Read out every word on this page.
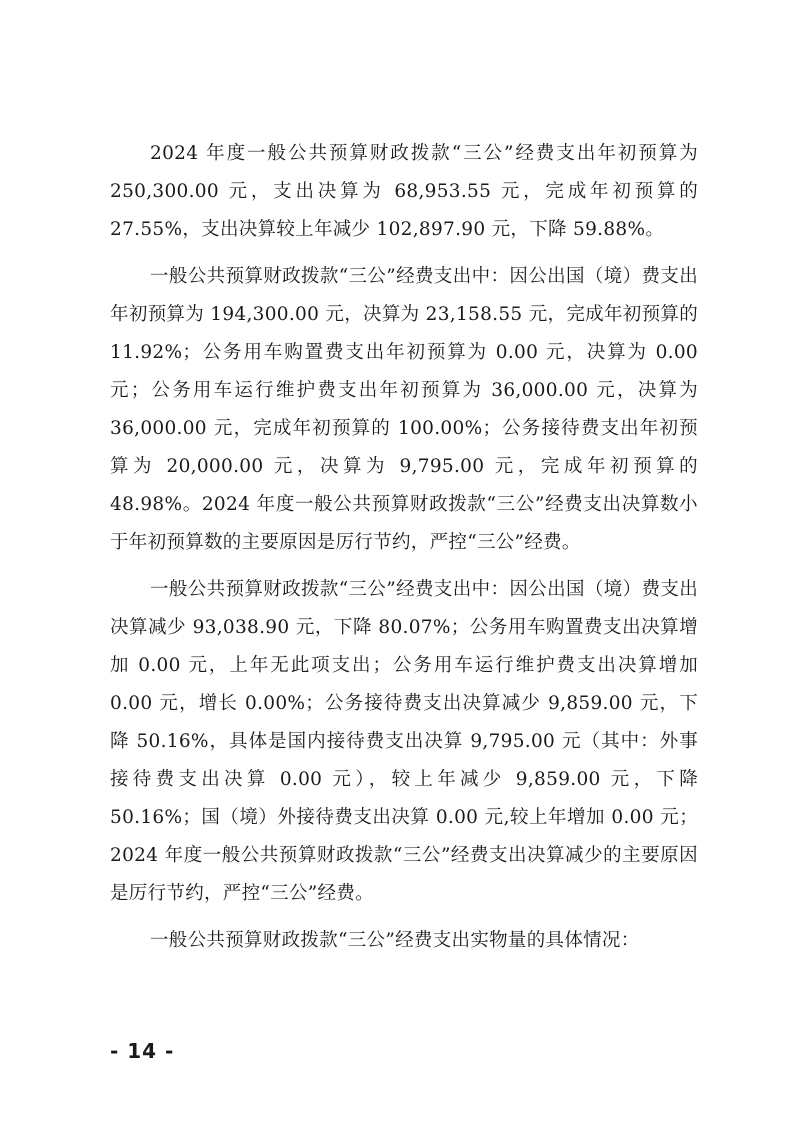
2024 年度一般公共预算财政拨款“三公”经费支出年初预算为 250,300.00 元，支出决算为 68,953.55 元，完成年初预算的 27.55%，支出决算较上年减少 102,897.90 元，下降 59.88%。

一般公共预算财政拨款“三公”经费支出中：因公出国（境）费支出年初预算为 194,300.00 元，决算为 23,158.55 元，完成年初预算的 11.92%；公务用车购置费支出年初预算为 0.00 元，决算为 0.00 元；公务用车运行维护费支出年初预算为 36,000.00 元，决算为 36,000.00 元，完成年初预算的 100.00%；公务接待费支出年初预算为 20,000.00 元，决算为 9,795.00 元，完成年初预算的 48.98%。2024 年度一般公共预算财政拨款“三公”经费支出决算数小于年初预算数的主要原因是厉行节约，严控“三公”经费。

一般公共预算财政拨款“三公”经费支出中：因公出国（境）费支出决算减少 93,038.90 元，下降 80.07%；公务用车购置费支出决算增加 0.00 元，上年无此项支出；公务用车运行维护费支出决算增加 0.00 元，增长 0.00%；公务接待费支出决算减少 9,859.00 元，下降 50.16%，具体是国内接待费支出决算 9,795.00 元（其中：外事接待费支出决算 0.00 元），较上年减少 9,859.00 元，下降 50.16%；国（境）外接待费支出决算 0.00 元,较上年增加 0.00 元；2024 年度一般公共预算财政拨款“三公”经费支出决算减少的主要原因是厉行节约，严控“三公”经费。

一般公共预算财政拨款“三公”经费支出实物量的具体情况：

- 14 -
